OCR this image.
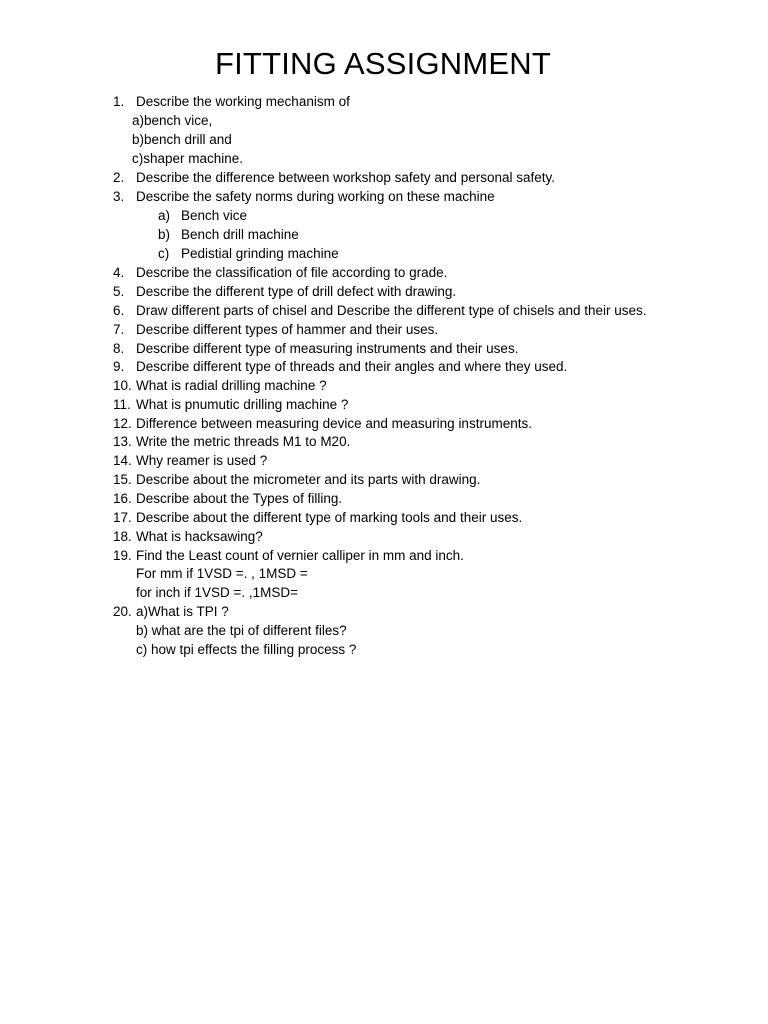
FITTING ASSIGNMENT
1. Describe the working mechanism of
a)bench vice,
b)bench drill and
c)shaper machine.
2. Describe the difference between workshop safety and personal safety.
3. Describe the safety norms during working on these machine
a) Bench vice
b) Bench drill machine
c) Pedistial grinding machine
4. Describe the classification of file according to grade.
5. Describe the different type of drill defect with drawing.
6. Draw different parts of chisel and Describe the different type of chisels and their uses.
7. Describe different types of hammer and their uses.
8. Describe different type of measuring instruments and their uses.
9. Describe different type of threads and their angles and where they used.
10. What is radial drilling machine ?
11. What is pnumutic drilling machine ?
12. Difference between measuring device and measuring instruments.
13. Write the metric threads M1 to M20.
14. Why reamer is used ?
15. Describe about the micrometer and its parts with drawing.
16. Describe about the Types of filling.
17. Describe about the different type of marking tools and their uses.
18. What is hacksawing?
19. Find the Least count of vernier calliper in mm and inch.
For mm if 1VSD =. , 1MSD =
for inch if 1VSD =. ,1MSD=
20. a)What is TPI ?
b) what are the tpi of different files?
c) how tpi effects the filling process ?
